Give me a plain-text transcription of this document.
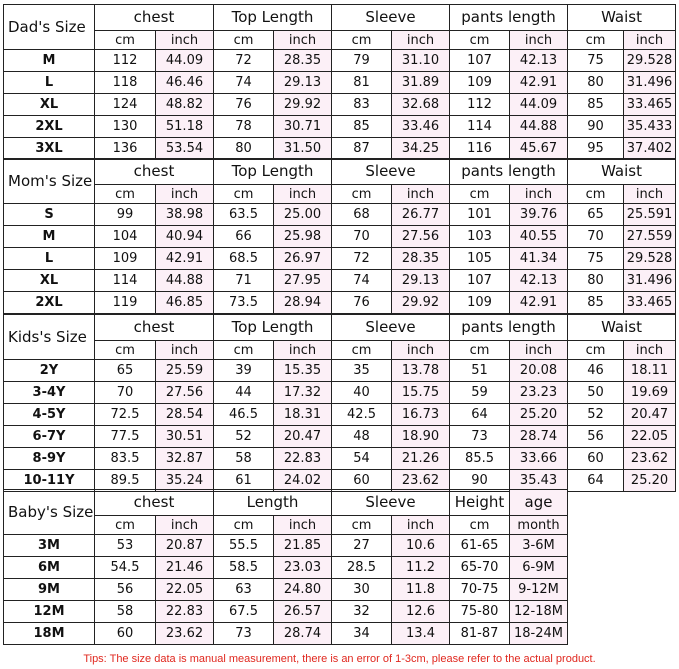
Dad's Size	chest		Top Length		Sleeve		pants length		Waist	
	cm	inch	cm	inch	cm	inch	cm	inch	cm	inch
M	112	44.09	72	28.35	79	31.10	107	42.13	75	29.528
L	118	46.46	74	29.13	81	31.89	109	42.91	80	31.496
XL	124	48.82	76	29.92	83	32.68	112	44.09	85	33.465
2XL	130	51.18	78	30.71	85	33.46	114	44.88	90	35.433
3XL	136	53.54	80	31.50	87	34.25	116	45.67	95	37.402
Mom's Size	chest		Top Length		Sleeve		pants length		Waist	
	cm	inch	cm	inch	cm	inch	cm	inch	cm	inch
S	99	38.98	63.5	25.00	68	26.77	101	39.76	65	25.591
M	104	40.94	66	25.98	70	27.56	103	40.55	70	27.559
L	109	42.91	68.5	26.97	72	28.35	105	41.34	75	29.528
XL	114	44.88	71	27.95	74	29.13	107	42.13	80	31.496
2XL	119	46.85	73.5	28.94	76	29.92	109	42.91	85	33.465
Kids's Size	chest		Top Length		Sleeve		pants length		Waist	
	cm	inch	cm	inch	cm	inch	cm	inch	cm	inch
2Y	65	25.59	39	15.35	35	13.78	51	20.08	46	18.11
3-4Y	70	27.56	44	17.32	40	15.75	59	23.23	50	19.69
4-5Y	72.5	28.54	46.5	18.31	42.5	16.73	64	25.20	52	20.47
6-7Y	77.5	30.51	52	20.47	48	18.90	73	28.74	56	22.05
8-9Y	83.5	32.87	58	22.83	54	21.26	85.5	33.66	60	23.62
10-11Y	89.5	35.24	61	24.02	60	23.62	90	35.43	64	25.20
Baby's Size	chest		Length		Sleeve		Height	age
	cm	inch	cm	inch	cm	inch	cm	month
3M	53	20.87	55.5	21.85	27	10.6	61-65	3-6M
6M	54.5	21.46	58.5	23.03	28.5	11.2	65-70	6-9M
9M	56	22.05	63	24.80	30	11.8	70-75	9-12M
12M	58	22.83	67.5	26.57	32	12.6	75-80	12-18M
18M	60	23.62	73	28.74	34	13.4	81-87	18-24M
Tips: The size data is manual measurement, there is an error of 1-3cm, please refer to the actual product.
